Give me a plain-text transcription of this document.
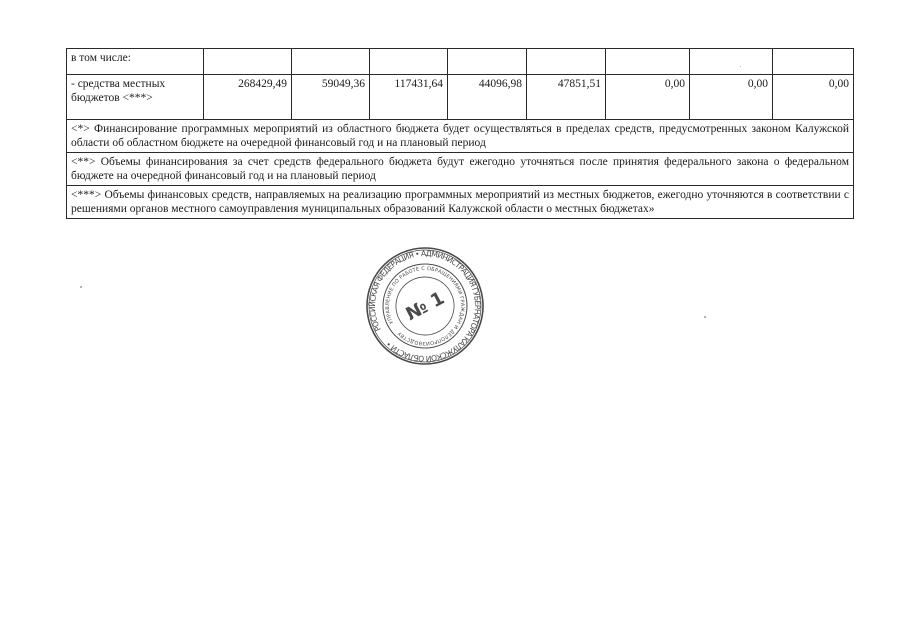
в том числе:								
- средства местных бюджетов <***>	268429,49	59049,36	117431,64	44096,98	47851,51	0,00	0,00	0,00
<*> Финансирование программных мероприятий из областного бюджета будет осуществляться в пределах средств, предусмотренных законом Калужской области об областном бюджете на очередной финансовый год и на плановый период								
<**> Объемы финансирования за счет средств федерального бюджета будут ежегодно уточняться после принятия федерального закона о федеральном бюджете на очередной финансовый год и на плановый период								
<***> Объемы финансовых средств, направляемых на реализацию программных мероприятий из местных бюджетов, ежегодно уточняются в соответствии с решениями органов местного самоуправления муниципальных образований Калужской области о местных бюджетах»								
РОССИЙСКАЯ ФЕДЕРАЦИЯ • АДМИНИСТРАЦИЯ ГУБЕРНАТОРА КАЛУЖСКОЙ ОБЛАСТИ •
УПРАВЛЕНИЕ ПО РАБОТЕ С ОБРАЩЕНИЯМИ ГРАЖДАН И ДЕЛОПРОИЗВОДСТВУ
№ 1
